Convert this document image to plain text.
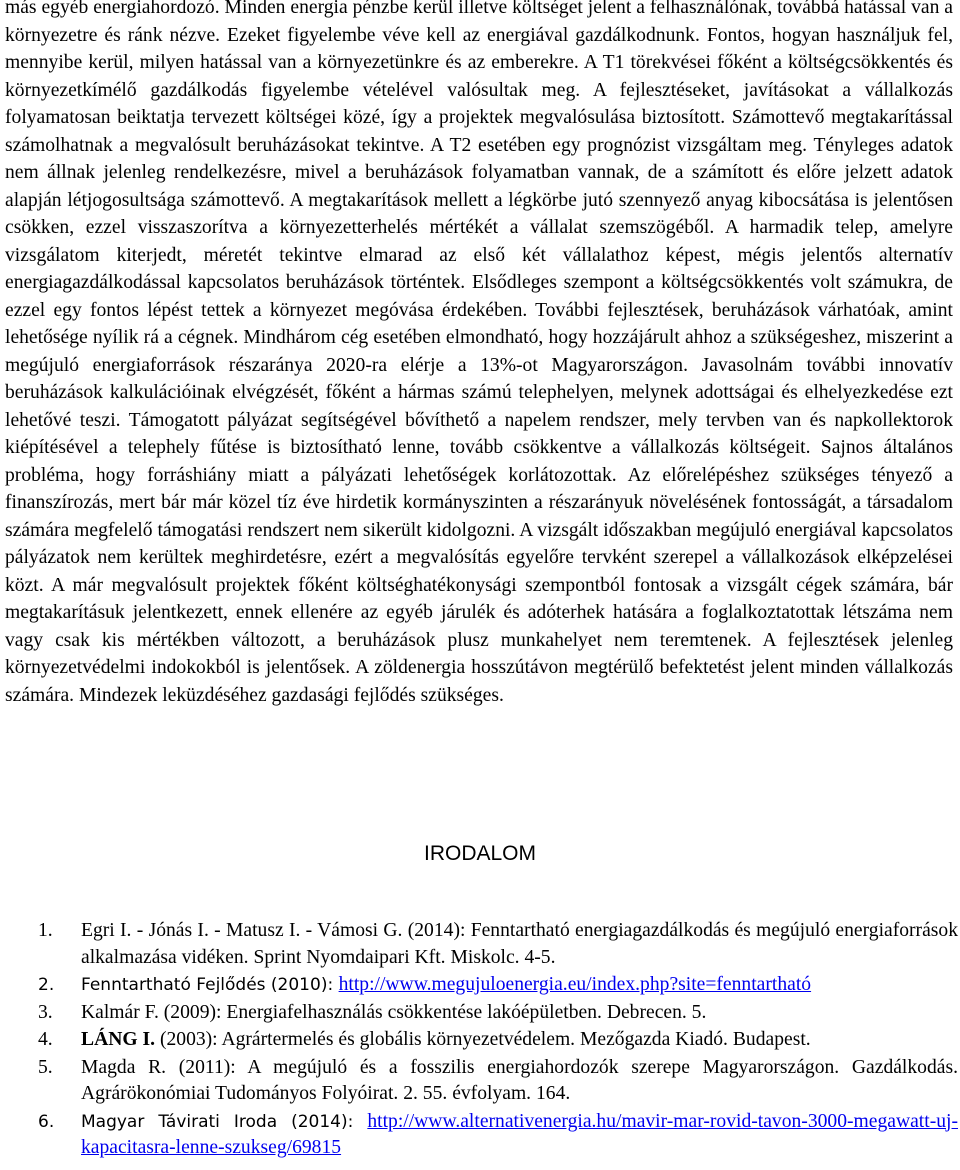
más egyéb energiahordozó. Minden energia pénzbe kerül illetve költséget jelent a felhasználónak, továbbá hatással van a környezetre és ránk nézve. Ezeket figyelembe véve kell az energiával gazdálkodnunk. Fontos, hogyan használjuk fel, mennyibe kerül, milyen hatással van a környezetünkre és az emberekre. A T1 törekvései főként a költségcsökkentés és környezetkímélő gazdálkodás figyelembe vételével valósultak meg. A fejlesztéseket, javításokat a vállalkozás folyamatosan beiktatja tervezett költségei közé, így a projektek megvalósulása biztosított. Számottevő megtakarítással számolhatnak a megvalósult beruházásokat tekintve. A T2 esetében egy prognózist vizsgáltam meg. Tényleges adatok nem állnak jelenleg rendelkezésre, mivel a beruházások folyamatban vannak, de a számított és előre jelzett adatok alapján létjogosultsága számottevő. A megtakarítások mellett a légkörbe jutó szennyező anyag kibocsátása is jelentősen csökken, ezzel visszaszorítva a környezetterhelés mértékét a vállalat szemszögéből. A harmadik telep, amelyre vizsgálatom kiterjedt, méretét tekintve elmarad az első két vállalathoz képest, mégis jelentős alternatív energiagazdálkodással kapcsolatos beruházások történtek. Elsődleges szempont a költségcsökkentés volt számukra, de ezzel egy fontos lépést tettek a környezet megóvása érdekében. További fejlesztések, beruházások várhatóak, amint lehetősége nyílik rá a cégnek. Mindhárom cég esetében elmondható, hogy hozzájárult ahhoz a szükségeshez, miszerint a megújuló energiaforrások részaránya 2020-ra elérje a 13%-ot Magyarországon. Javasolnám további innovatív beruházások kalkulációinak elvégzését, főként a hármas számú telephelyen, melynek adottságai és elhelyezkedése ezt lehetővé teszi. Támogatott pályázat segítségével bővíthető a napelem rendszer, mely tervben van és napkollektorok kiépítésével a telephely fűtése is biztosítható lenne, tovább csökkentve a vállalkozás költségeit. Sajnos általános probléma, hogy forráshiány miatt a pályázati lehetőségek korlátozottak. Az előrelépéshez szükséges tényező a finanszírozás, mert bár már közel tíz éve hirdetik kormányszinten a részarányuk növelésének fontosságát, a társadalom számára megfelelő támogatási rendszert nem sikerült kidolgozni. A vizsgált időszakban megújuló energiával kapcsolatos pályázatok nem kerültek meghirdetésre, ezért a megvalósítás egyelőre tervként szerepel a vállalkozások elképzelései közt. A már megvalósult projektek főként költséghatékonysági szempontból fontosak a vizsgált cégek számára, bár megtakarításuk jelentkezett, ennek ellenére az egyéb járulék és adóterhek hatására a foglalkoztatottak létszáma nem vagy csak kis mértékben változott, a beruházások plusz munkahelyet nem teremtenek. A fejlesztések jelenleg környezetvédelmi indokokból is jelentősek. A zöldenergia hosszútávon megtérülő befektetést jelent minden vállalkozás számára. Mindezek leküzdéséhez gazdasági fejlődés szükséges.

IRODALOM
1. Egri I. - Jónás I. - Matusz I. - Vámosi G. (2014): Fenntartható energiagazdálkodás és megújuló energiaforrások alkalmazása vidéken. Sprint Nyomdaipari Kft. Miskolc. 4-5.
2. Fenntartható Fejlődés (2010): http://www.megujuloenergia.eu/index.php?site=fenntartható
3. Kalmár F. (2009): Energiafelhasználás csökkentése lakóépületben. Debrecen. 5.
4. LÁNG I. (2003): Agrártermelés és globális környezetvédelem. Mezőgazda Kiadó. Budapest.
5. Magda R. (2011): A megújuló és a fosszilis energiahordozók szerepe Magyarországon. Gazdálkodás. Agrárökonómiai Tudományos Folyóirat. 2. 55. évfolyam. 164.
6. Magyar Távirati Iroda (2014): http://www.alternativenergia.hu/mavir-mar-rovid-tavon-3000-megawatt-uj-kapacitasra-lenne-szukseg/69815
